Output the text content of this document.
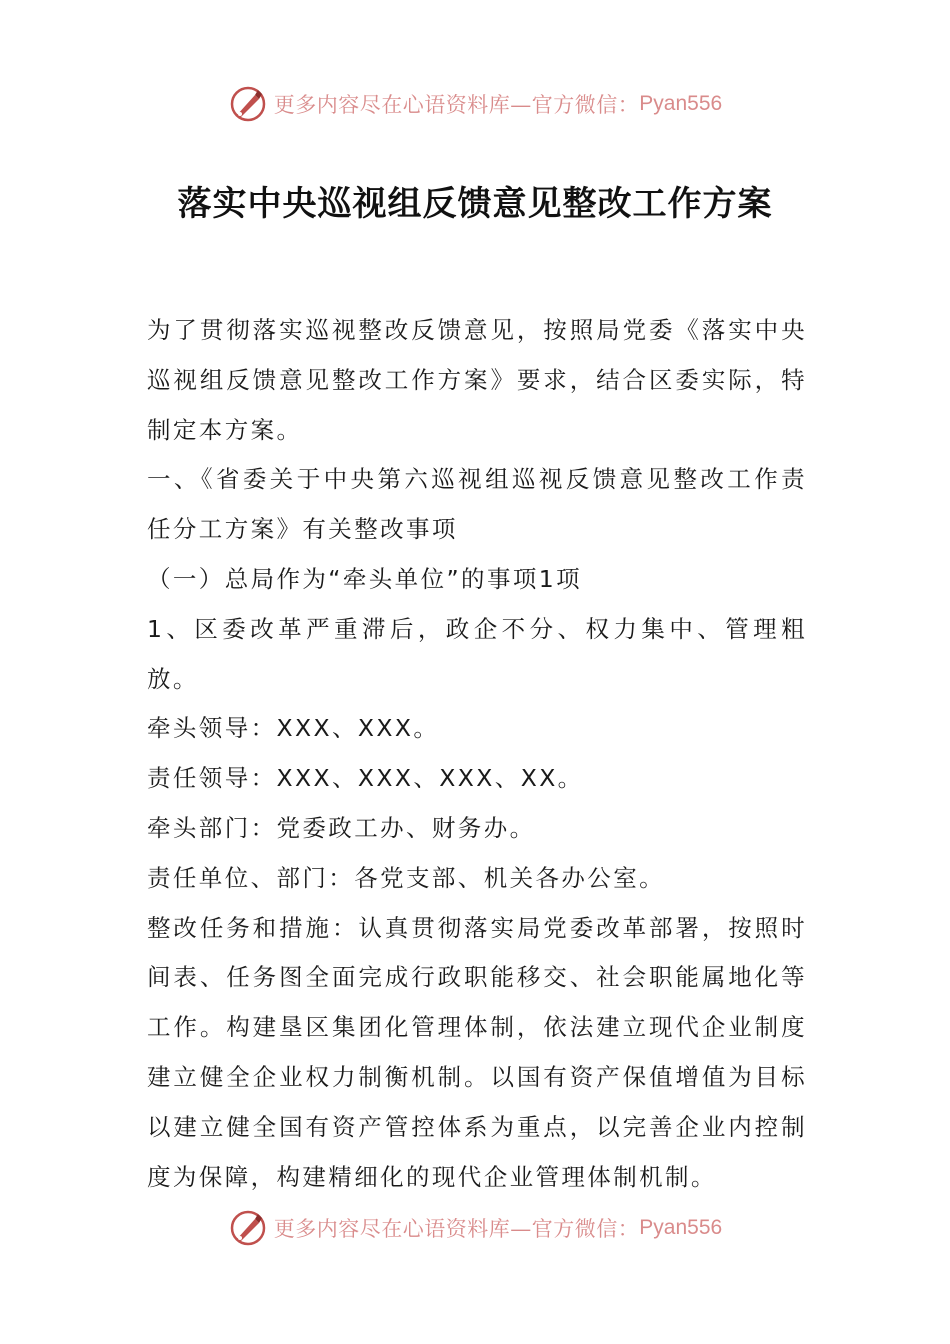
更多内容尽在心语资料库—官方微信： Pyan556
落实中央巡视组反馈意见整改工作方案

为了贯彻落实巡视整改反馈意见，按照局党委《落实中央巡视组反馈意见整改工作方案》要求，结合区委实际，特制定本方案。

一、《省委关于中央第六巡视组巡视反馈意见整改工作责任分工方案》有关整改事项

（一）总局作为“牵头单位”的事项1项

1、区委改革严重滞后，政企不分、权力集中、管理粗放。

牵头领导：XXX、XXX。

责任领导：XXX、XXX、XXX、XX。

牵头部门：党委政工办、财务办。

责任单位、部门：各党支部、机关各办公室。

整改任务和措施：认真贯彻落实局党委改革部署，按照时间表、任务图全面完成行政职能移交、社会职能属地化等工作。构建垦区集团化管理体制，依法建立现代企业制度建立健全企业权力制衡机制。以国有资产保值增值为目标以建立健全国有资产管控体系为重点，以完善企业内控制度为保障，构建精细化的现代企业管理体制机制。

更多内容尽在心语资料库—官方微信： Pyan556
